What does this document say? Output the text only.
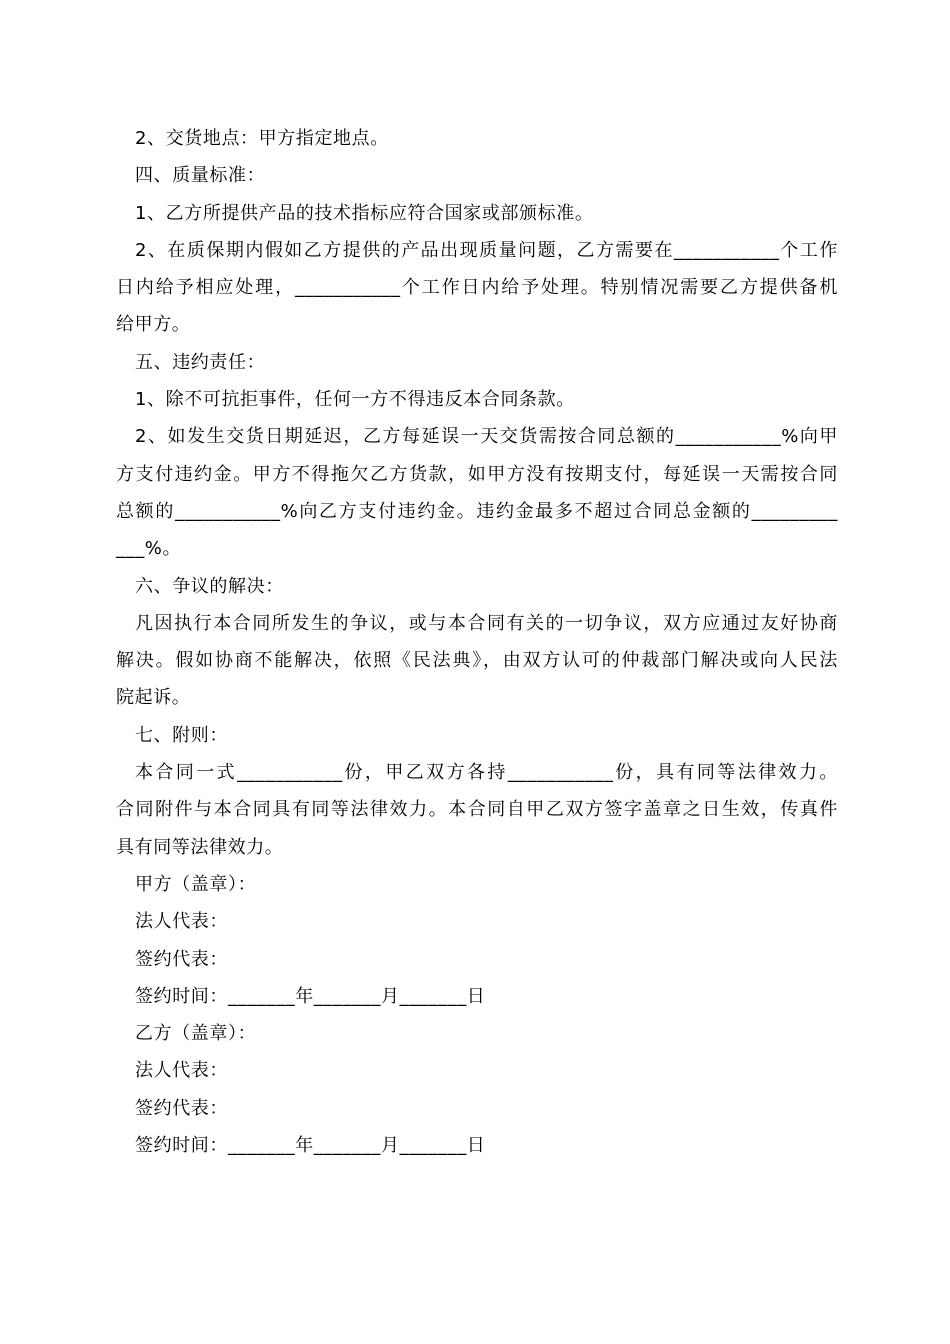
2、交货地点：甲方指定地点。
四、质量标准：
1、乙方所提供产品的技术指标应符合国家或部颁标准。
2、在质保期内假如乙方提供的产品出现质量问题，乙方需要在___________个工作
日内给予相应处理，___________个工作日内给予处理。特别情况需要乙方提供备机
给甲方。
五、违约责任：
1、除不可抗拒事件，任何一方不得违反本合同条款。
2、如发生交货日期延迟，乙方每延误一天交货需按合同总额的___________%向甲
方支付违约金。甲方不得拖欠乙方货款，如甲方没有按期支付，每延误一天需按合同
总额的___________%向乙方支付违约金。违约金最多不超过合同总金额的_________
___%。
六、争议的解决：
凡因执行本合同所发生的争议，或与本合同有关的一切争议，双方应通过友好协商
解决。假如协商不能解决，依照《民法典》，由双方认可的仲裁部门解决或向人民法
院起诉。
七、附则：
本合同一式___________份，甲乙双方各持___________份，具有同等法律效力。
合同附件与本合同具有同等法律效力。本合同自甲乙双方签字盖章之日生效，传真件
具有同等法律效力。
甲方（盖章）：
法人代表：
签约代表：
签约时间：_______年_______月_______日
乙方（盖章）：
法人代表：
签约代表：
签约时间：_______年_______月_______日
